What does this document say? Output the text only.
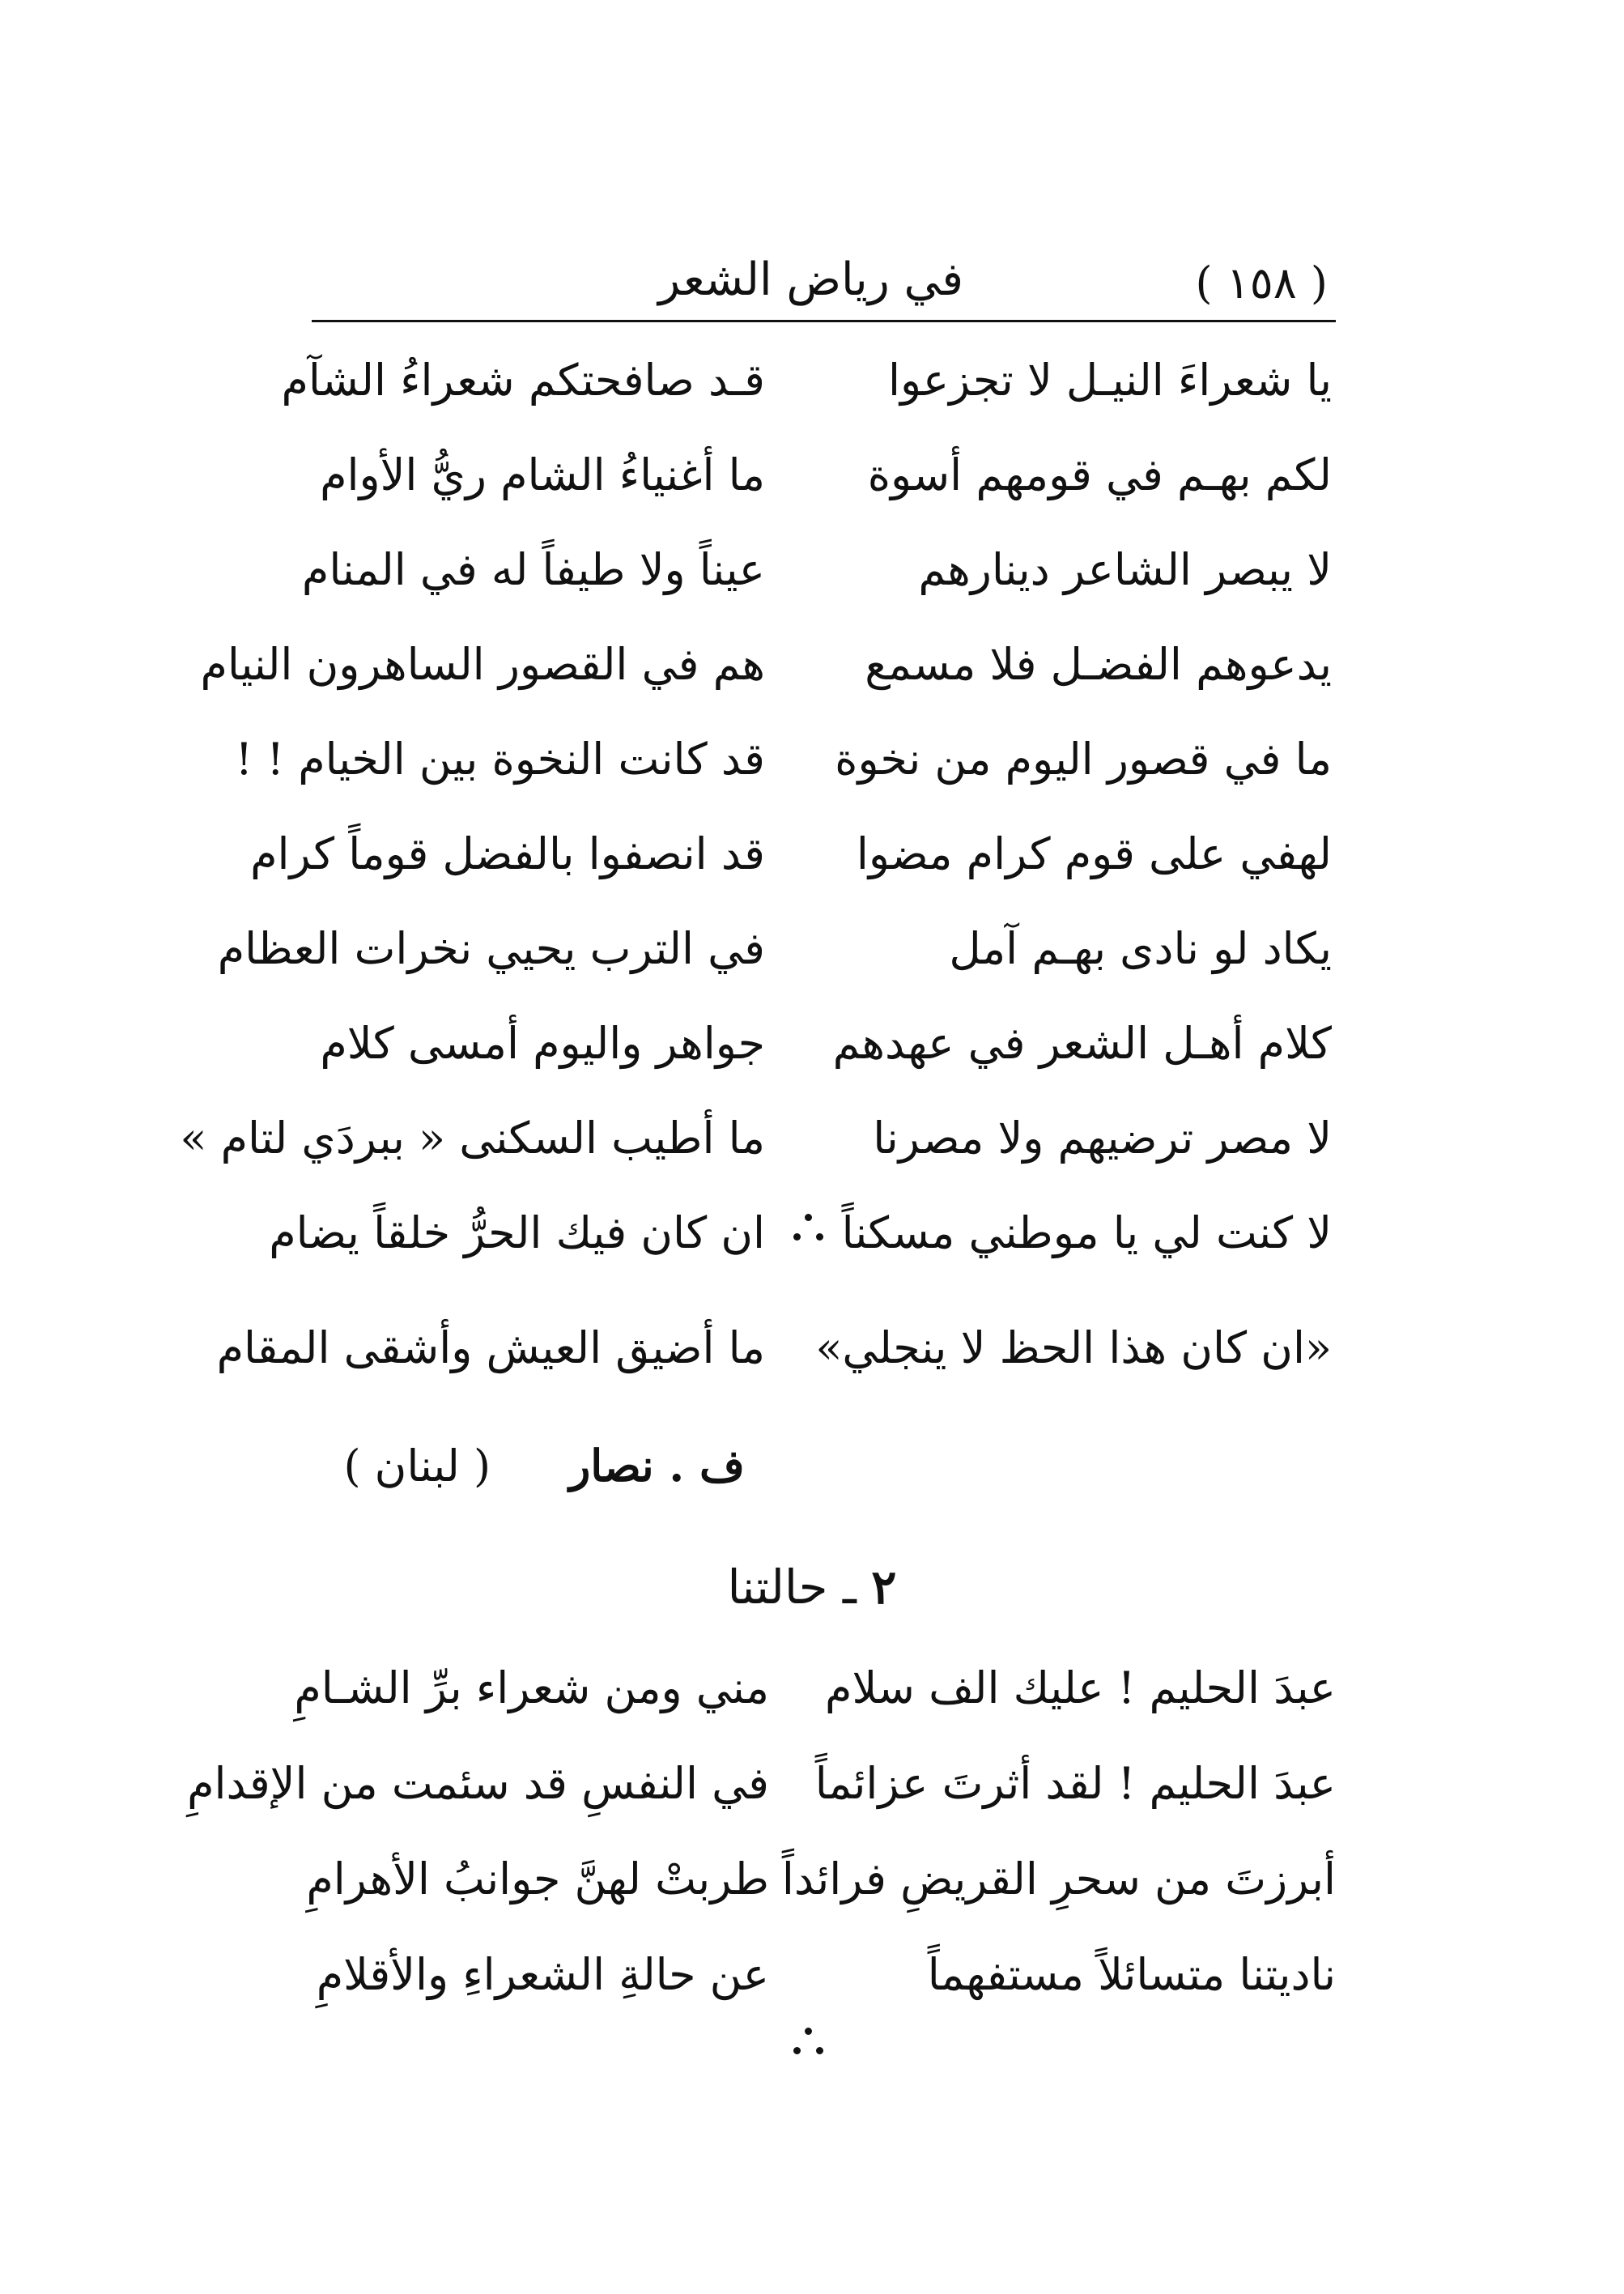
( ١٥٨ )
في رياض الشعر
يا شعراءَ النيـل لا تجزعوا
قـد صافحتكم شعراءُ الشآم
لكم بهـم في قومهم أسوة
ما أغنياءُ الشام ريُّ الأوام
لا يبصر الشاعر دينارهم
عيناً ولا طيفاً له في المنام
يدعوهم الفضـل فلا مسمع
هم في القصور الساهرون النيام
ما في قصور اليوم من نخوة
قد كانت النخوة بين الخيام ! !
لهفي على قوم كرام مضوا
قد انصفوا بالفضل قوماً كرام
يكاد لو نادى بهـم آمل
في الترب يحيي نخرات العظام
كلام أهـل الشعر في عهدهم
جواهر واليوم أمسى كلام
لا مصر ترضيهم ولا مصرنا
ما أطيب السكنى « ببردَي لتام »
لا كنت لي يا موطني مسكناً
ان كان فيك الحرُّ خلقاً يضام
«ان كان هذا الحظ لا ينجلي»
ما أضيق العيش وأشقى المقام
ف . نصار ( لبنان )
٢ ـ حالتنا
عبدَ الحليم ! عليك الف سلام
مني ومن شعراء برِّ الشـامِ
عبدَ الحليم ! لقد أثرتَ عزائماً
في النفسِ قد سئمت من الإقدامِ
أبرزتَ من سحرِ القريضِ فرائداً
طربتْ لهنَّ جوانبُ الأهرامِ
ناديتنا متسائلاً مستفهماً
عن حالةِ الشعراءِ والأقلامِ
